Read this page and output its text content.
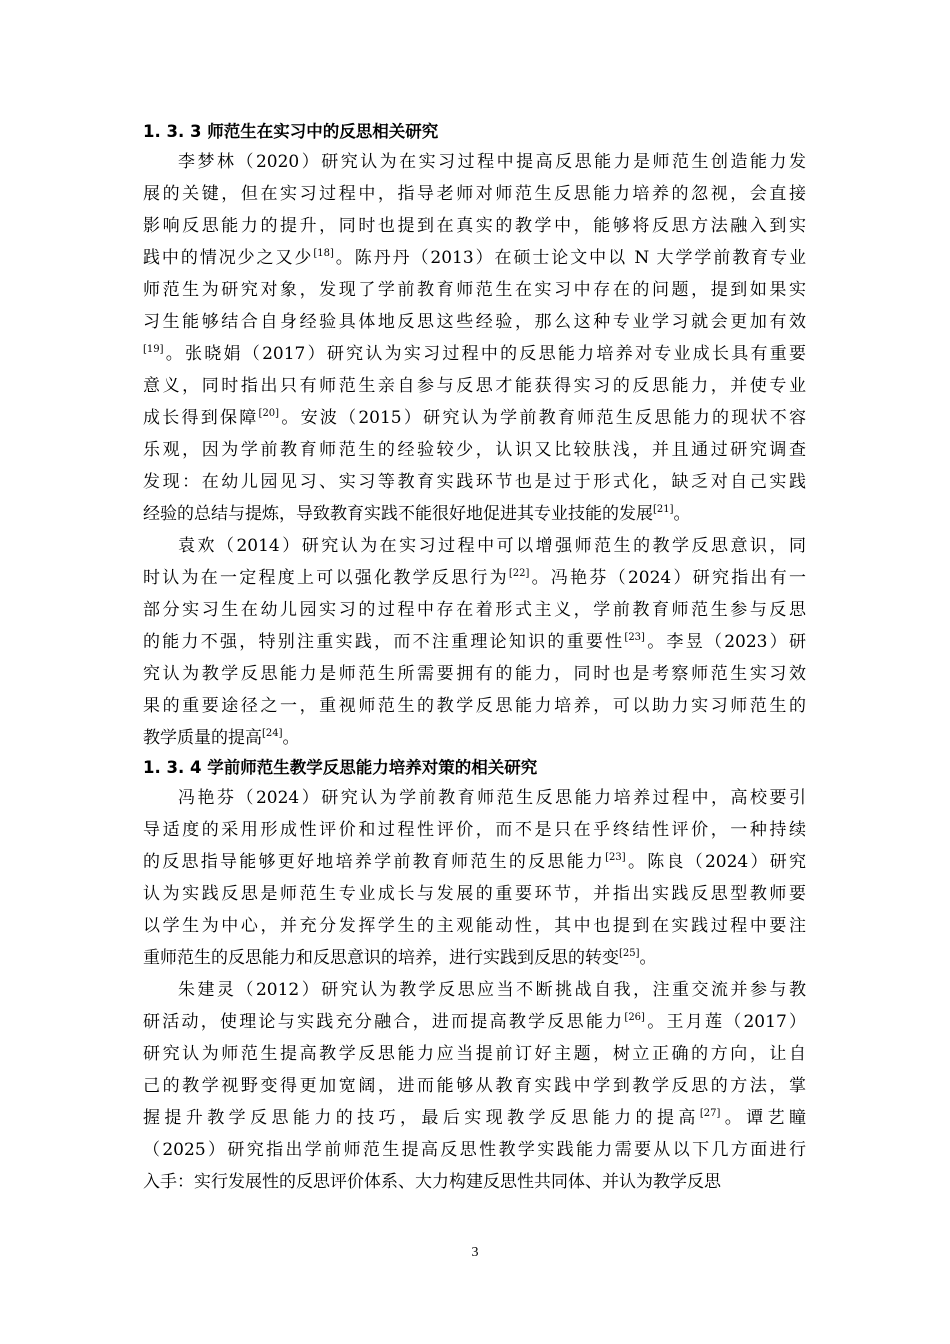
1. 3. 3 师范生在实习中的反思相关研究
李梦林（2020）研究认为在实习过程中提高反思能力是师范生创造能力发
展的关键，但在实习过程中，指导老师对师范生反思能力培养的忽视，会直接
影响反思能力的提升，同时也提到在真实的教学中，能够将反思方法融入到实
践中的情况少之又少[18]。陈丹丹（2013）在硕士论文中以 N 大学学前教育专业
师范生为研究对象，发现了学前教育师范生在实习中存在的问题，提到如果实
习生能够结合自身经验具体地反思这些经验，那么这种专业学习就会更加有效
[19]。张晓娟（2017）研究认为实习过程中的反思能力培养对专业成长具有重要
意义，同时指出只有师范生亲自参与反思才能获得实习的反思能力，并使专业
成长得到保障[20]。安波（2015）研究认为学前教育师范生反思能力的现状不容
乐观，因为学前教育师范生的经验较少，认识又比较肤浅，并且通过研究调查
发现：在幼儿园见习、实习等教育实践环节也是过于形式化，缺乏对自己实践
经验的总结与提炼，导致教育实践不能很好地促进其专业技能的发展[21]。
袁欢（2014）研究认为在实习过程中可以增强师范生的教学反思意识，同
时认为在一定程度上可以强化教学反思行为[22]。冯艳芬（2024）研究指出有一
部分实习生在幼儿园实习的过程中存在着形式主义，学前教育师范生参与反思
的能力不强，特别注重实践，而不注重理论知识的重要性[23]。李昱（2023）研
究认为教学反思能力是师范生所需要拥有的能力，同时也是考察师范生实习效
果的重要途径之一，重视师范生的教学反思能力培养，可以助力实习师范生的
教学质量的提高[24]。
1. 3. 4 学前师范生教学反思能力培养对策的相关研究
冯艳芬（2024）研究认为学前教育师范生反思能力培养过程中，高校要引
导适度的采用形成性评价和过程性评价，而不是只在乎终结性评价，一种持续
的反思指导能够更好地培养学前教育师范生的反思能力[23]。陈良（2024）研究
认为实践反思是师范生专业成长与发展的重要环节，并指出实践反思型教师要
以学生为中心，并充分发挥学生的主观能动性，其中也提到在实践过程中要注
重师范生的反思能力和反思意识的培养，进行实践到反思的转变[25]。
朱建灵（2012）研究认为教学反思应当不断挑战自我，注重交流并参与教
研活动，使理论与实践充分融合，进而提高教学反思能力[26]。王月莲（2017）
研究认为师范生提高教学反思能力应当提前订好主题，树立正确的方向，让自
己的教学视野变得更加宽阔，进而能够从教育实践中学到教学反思的方法，掌
握提升教学反思能力的技巧，最后实现教学反思能力的提高[27]。谭艺瞳
（2025）研究指出学前师范生提高反思性教学实践能力需要从以下几方面进行
入手：实行发展性的反思评价体系、大力构建反思性共同体、并认为教学反思
3
